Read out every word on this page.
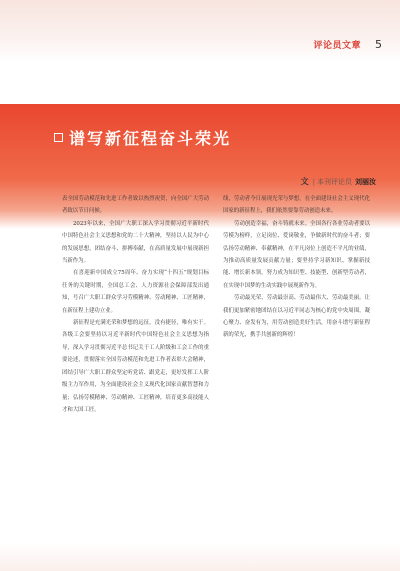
评论员文章 5
谱写新征程奋斗荣光
文 | 本刊评论员 刘丽汝

表全国劳动模范和先进工作者致以热烈祝贺，向全国广大劳动者致以节日问候。

2023年以来，全国广大职工深入学习贯彻习近平新时代中国特色社会主义思想和党的二十大精神，坚持以人民为中心的发展思想，团结奋斗、拼搏奉献，在高质量发展中展现新担当新作为。

在喜迎新中国成立75周年、奋力实现“十四五”规划目标任务的关键时期，全国总工会、人力资源社会保障部发出通知，号召广大职工群众学习劳模精神、劳动精神、工匠精神，在新征程上建功立业。

新征程是充满光荣和梦想的远征，没有捷径，唯有实干。各级工会要坚持以习近平新时代中国特色社会主义思想为指导，深入学习贯彻习近平总书记关于工人阶级和工会工作的重要论述，贯彻落实全国劳动模范和先进工作者表彰大会精神，团结引导广大职工群众坚定听党话、跟党走，更好发挥工人阶级主力军作用，为全面建设社会主义现代化国家贡献智慧和力量；弘扬劳模精神、劳动精神、工匠精神，培育更多高技能人才和大国工匠。

线，劳动者今日展现光荣与梦想。在全面建设社会主义现代化国家的新征程上，我们依然要靠劳动创造未来。

劳动创造幸福，奋斗铸就未来。全国各行各业劳动者要以劳模为榜样，立足岗位、爱岗敬业，争做新时代的奋斗者；要弘扬劳动精神、奉献精神，在平凡岗位上创造不平凡的业绩，为推动高质量发展贡献力量；要坚持学习新知识、掌握新技能、增长新本领，努力成为知识型、技能型、创新型劳动者，在实现中国梦的生动实践中展现新作为。

劳动最光荣、劳动最崇高、劳动最伟大、劳动最美丽。让我们更加紧密地团结在以习近平同志为核心的党中央周围，凝心聚力、奋发有为，用劳动创造美好生活，用奋斗谱写新征程新的荣光，携手共创新的辉煌！
